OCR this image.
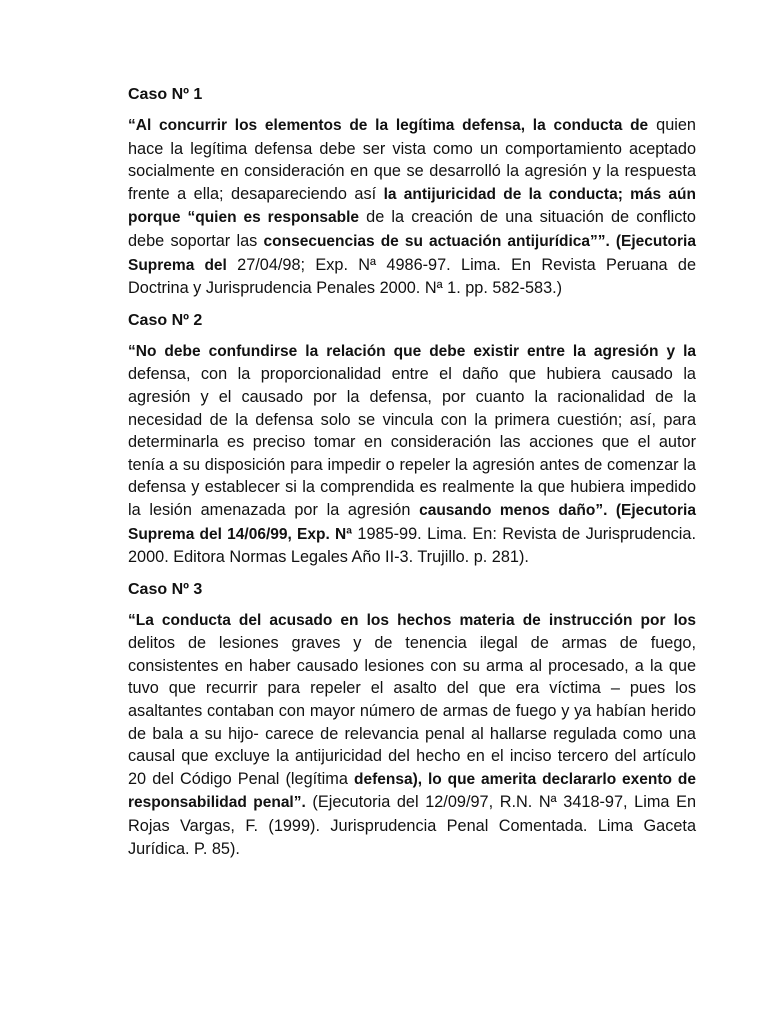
Caso Nº 1

“Al concurrir los elementos de la legítima defensa, la conducta de quien hace la legítima defensa debe ser vista como un comportamiento aceptado socialmente en consideración en que se desarrolló la agresión y la respuesta frente a ella; desapareciendo así la antijuricidad de la conducta; más aún porque “quien es responsable de la creación de una situación de conflicto debe soportar las consecuencias de su actuación antijurídica””. (Ejecutoria Suprema del 27/04/98; Exp. Nª 4986-97. Lima. En Revista Peruana de Doctrina y Jurisprudencia Penales 2000. Nª 1. pp. 582-583.)

Caso Nº 2

“No debe confundirse la relación que debe existir entre la agresión y la defensa, con la proporcionalidad entre el daño que hubiera causado la agresión y el causado por la defensa, por cuanto la racionalidad de la necesidad de la defensa solo se vincula con la primera cuestión; así, para determinarla es preciso tomar en consideración las acciones que el autor tenía a su disposición para impedir o repeler la agresión antes de comenzar la defensa y establecer si la comprendida es realmente la que hubiera impedido la lesión amenazada por la agresión causando menos daño”. (Ejecutoria Suprema del 14/06/99, Exp. Nª 1985-99. Lima. En: Revista de Jurisprudencia. 2000. Editora Normas Legales Año II-3. Trujillo. p. 281).

Caso Nº 3

“La conducta del acusado en los hechos materia de instrucción por los delitos de lesiones graves y de tenencia ilegal de armas de fuego, consistentes en haber causado lesiones con su arma al procesado, a la que tuvo que recurrir para repeler el asalto del que era víctima – pues los asaltantes contaban con mayor número de armas de fuego y ya habían herido de bala a su hijo- carece de relevancia penal al hallarse regulada como una causal que excluye la antijuricidad del hecho en el inciso tercero del artículo 20 del Código Penal (legítima defensa), lo que amerita declararlo exento de responsabilidad penal”. (Ejecutoria del 12/09/97, R.N. Nª 3418-97, Lima En Rojas Vargas, F. (1999). Jurisprudencia Penal Comentada. Lima Gaceta Jurídica. P. 85).
